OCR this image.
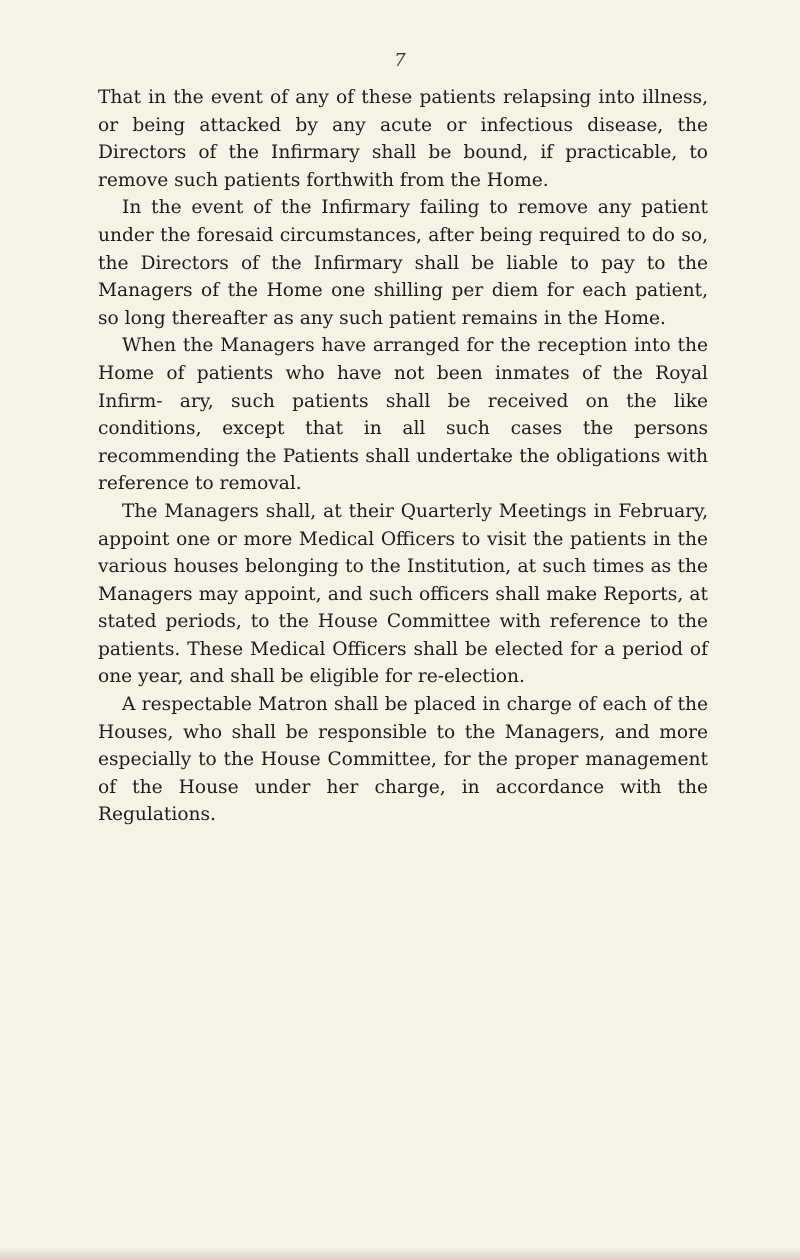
7

That in the event of any of these patients relapsing into illness, or being attacked by any acute or infectious disease, the Directors of the Infirmary shall be bound, if practicable, to remove such patients forthwith from the Home.

In the event of the Infirmary failing to remove any patient under the foresaid circumstances, after being required to do so, the Directors of the Infirmary shall be liable to pay to the Managers of the Home one shilling per diem for each patient, so long thereafter as any such patient remains in the Home.

When the Managers have arranged for the reception into the Home of patients who have not been inmates of the Royal Infirm- ary, such patients shall be received on the like conditions, except that in all such cases the persons recommending the Patients shall undertake the obligations with reference to removal.

The Managers shall, at their Quarterly Meetings in February, appoint one or more Medical Officers to visit the patients in the various houses belonging to the Institution, at such times as the Managers may appoint, and such officers shall make Reports, at stated periods, to the House Committee with reference to the patients. These Medical Officers shall be elected for a period of one year, and shall be eligible for re-election.

A respectable Matron shall be placed in charge of each of the Houses, who shall be responsible to the Managers, and more especially to the House Committee, for the proper management of the House under her charge, in accordance with the Regulations.
